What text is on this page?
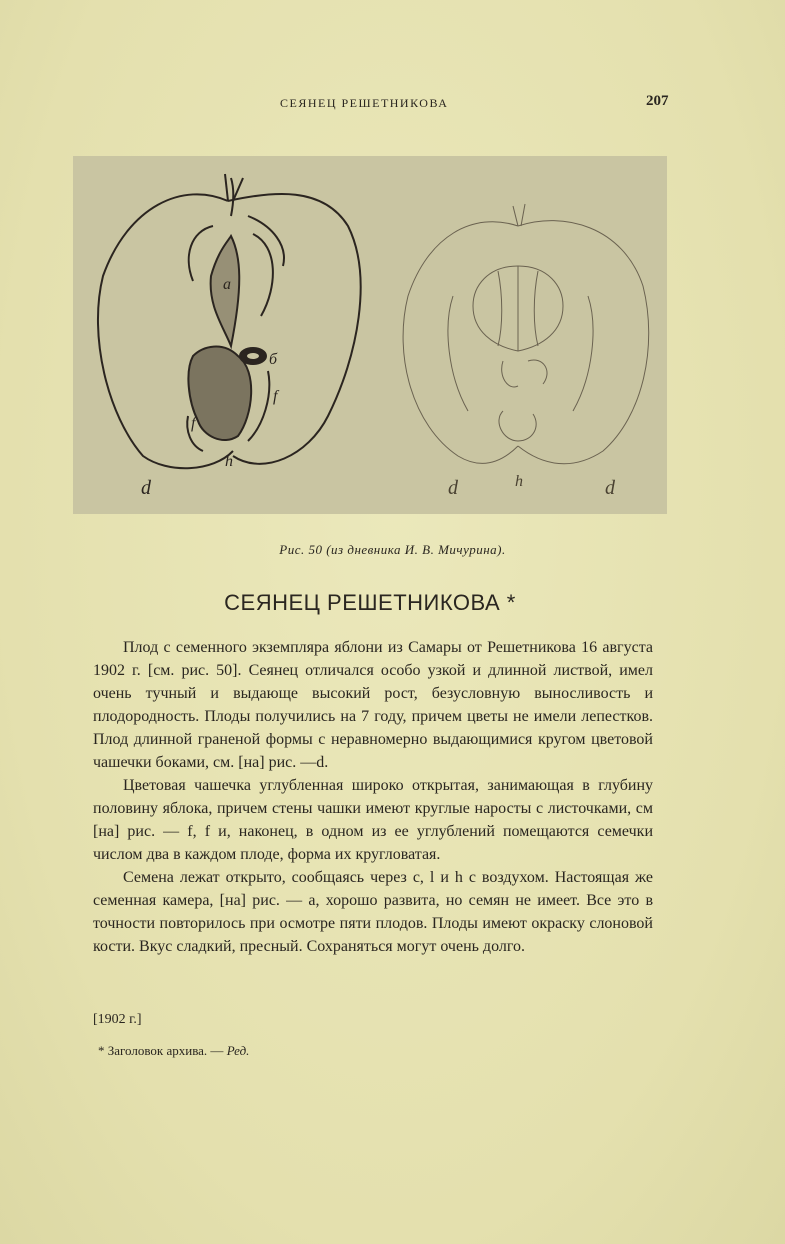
СЕЯНЕЦ РЕШЕТНИКОВА	207
a
б
f
f
h
d	d	h	d
Рис. 50 (из дневника И. В. Мичурина).
СЕЯНЕЦ РЕШЕТНИКОВА *

Плод с семенного экземпляра яблони из Самары от Решетникова 16 августа 1902 г. [см. рис. 50]. Сеянец отличался особо узкой и длинной листвой, имел очень тучный и выдающе высокий рост, безусловную выносливость и плодородность. Плоды получились на 7 году, причем цветы не имели лепестков. Плод длинной граненой формы с неравномерно выдающимися кругом цветовой чашечки боками, см. [на] рис. —d.

Цветовая чашечка углубленная широко открытая, занимающая в глубину половину яблока, причем стены чашки имеют круглые наросты с листочками, см [на] рис. — f, f и, наконец, в одном из ее углублений помещаются семечки числом два в каждом плоде, форма их кругловатая.

Семена лежат открыто, сообщаясь через c, l и h с воздухом. Настоящая же семенная камера, [на] рис. — a, хорошо развита, но семян не имеет. Все это в точности повторилось при осмотре пяти плодов. Плоды имеют окраску слоновой кости. Вкус сладкий, пресный. Сохраняться могут очень долго.

[1902 г.]
* Заголовок архива. — Ред.
